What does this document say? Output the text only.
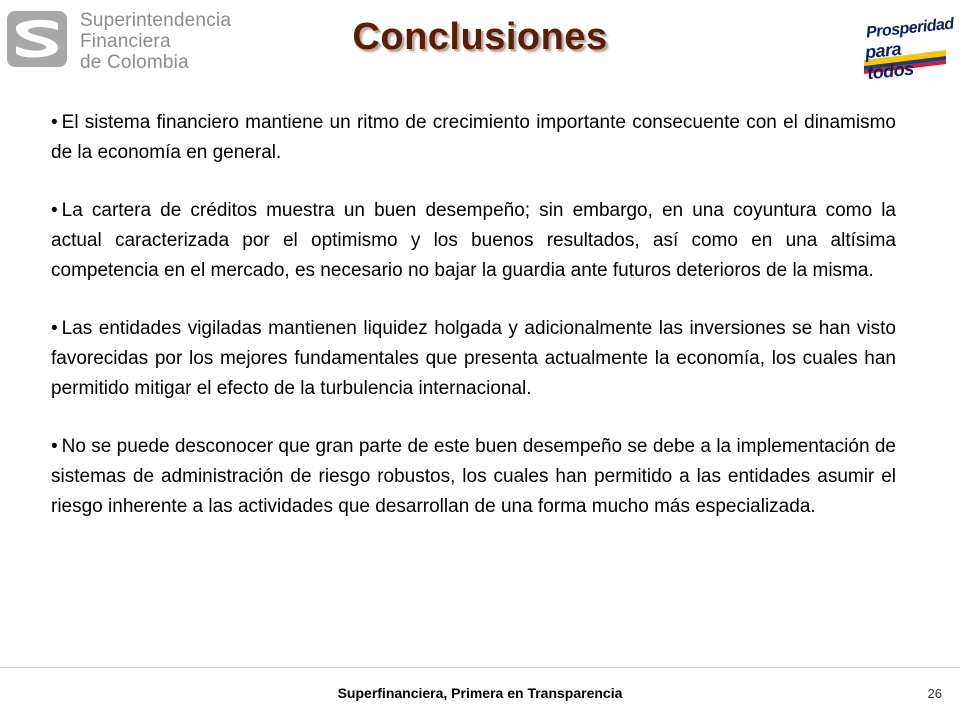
Superintendencia
Financiera
de Colombia
Conclusiones	Prosperidad
para todos

• El sistema financiero mantiene un ritmo de crecimiento importante consecuente con el dinamismo de la economía en general.

• La cartera de créditos muestra un buen desempeño; sin embargo, en una coyuntura como la actual caracterizada por el optimismo y los buenos resultados, así como en una altísima competencia en el mercado, es necesario no bajar la guardia ante futuros deterioros de la misma.

• Las entidades vigiladas mantienen liquidez holgada y adicionalmente las inversiones se han visto favorecidas por los mejores fundamentales que presenta actualmente la economía, los cuales han permitido mitigar el efecto de la turbulencia internacional.

• No se puede desconocer que gran parte de este buen desempeño se debe a la implementación de sistemas de administración de riesgo robustos, los cuales han permitido a las entidades asumir el riesgo inherente a las actividades que desarrollan de una forma mucho más especializada.

Superfinanciera, Primera en Transparencia	26
